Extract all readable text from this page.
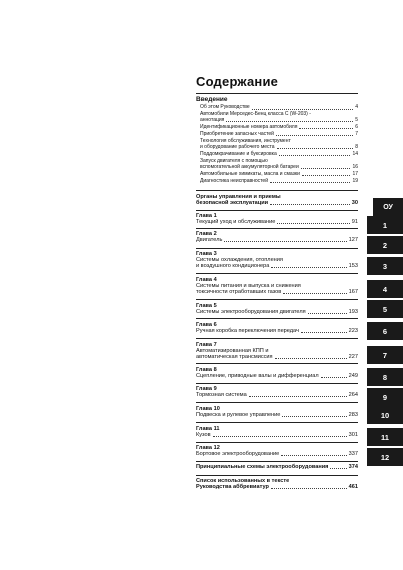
Содержание
Введение
Об этом Руководстве	4
Автомобили Мерседес-Бенц класса С (W-203) -
аннотация	5
Идентификационные номера автомобиля	6
Приобретение запасных частей	7
Технология обслуживания, инструмент
и оборудование рабочего места	8
Поддомкрачивание и буксировка	14
Запуск двигателя с помощью
вспомогательной аккумуляторной батареи	16
Автомобильные химикаты, масла и смазки	17
Диагностика неисправностей	19
Органы управления и приемы
безопасной эксплуатации	30
Глава 1
Текущий уход и обслуживание	91
Глава 2
Двигатель	127
Глава 3
Системы охлаждения, отопления
и воздушного кондиционера	153
Глава 4
Системы питания и выпуска и снижения
токсичности отработавших газов	167
Глава 5
Системы электрооборудования двигателя	193
Глава 6
Ручная коробка переключения передач	223
Глава 7
Автоматизированная КПП и
автоматическая трансмиссия	227
Глава 8
Сцепление, приводные валы и дифференциал	249
Глава 9
Тормозная система	264
Глава 10
Подвеска и рулевое управление	283
Глава 11
Кузов	301
Глава 12
Бортовое электрооборудование	337
Принципиальные схемы электрооборудования	374
Список использованных в тексте
Руководства аббревиатур	461
ОУ
1
2
3
4
5
6
7
8
9
10
11
12
